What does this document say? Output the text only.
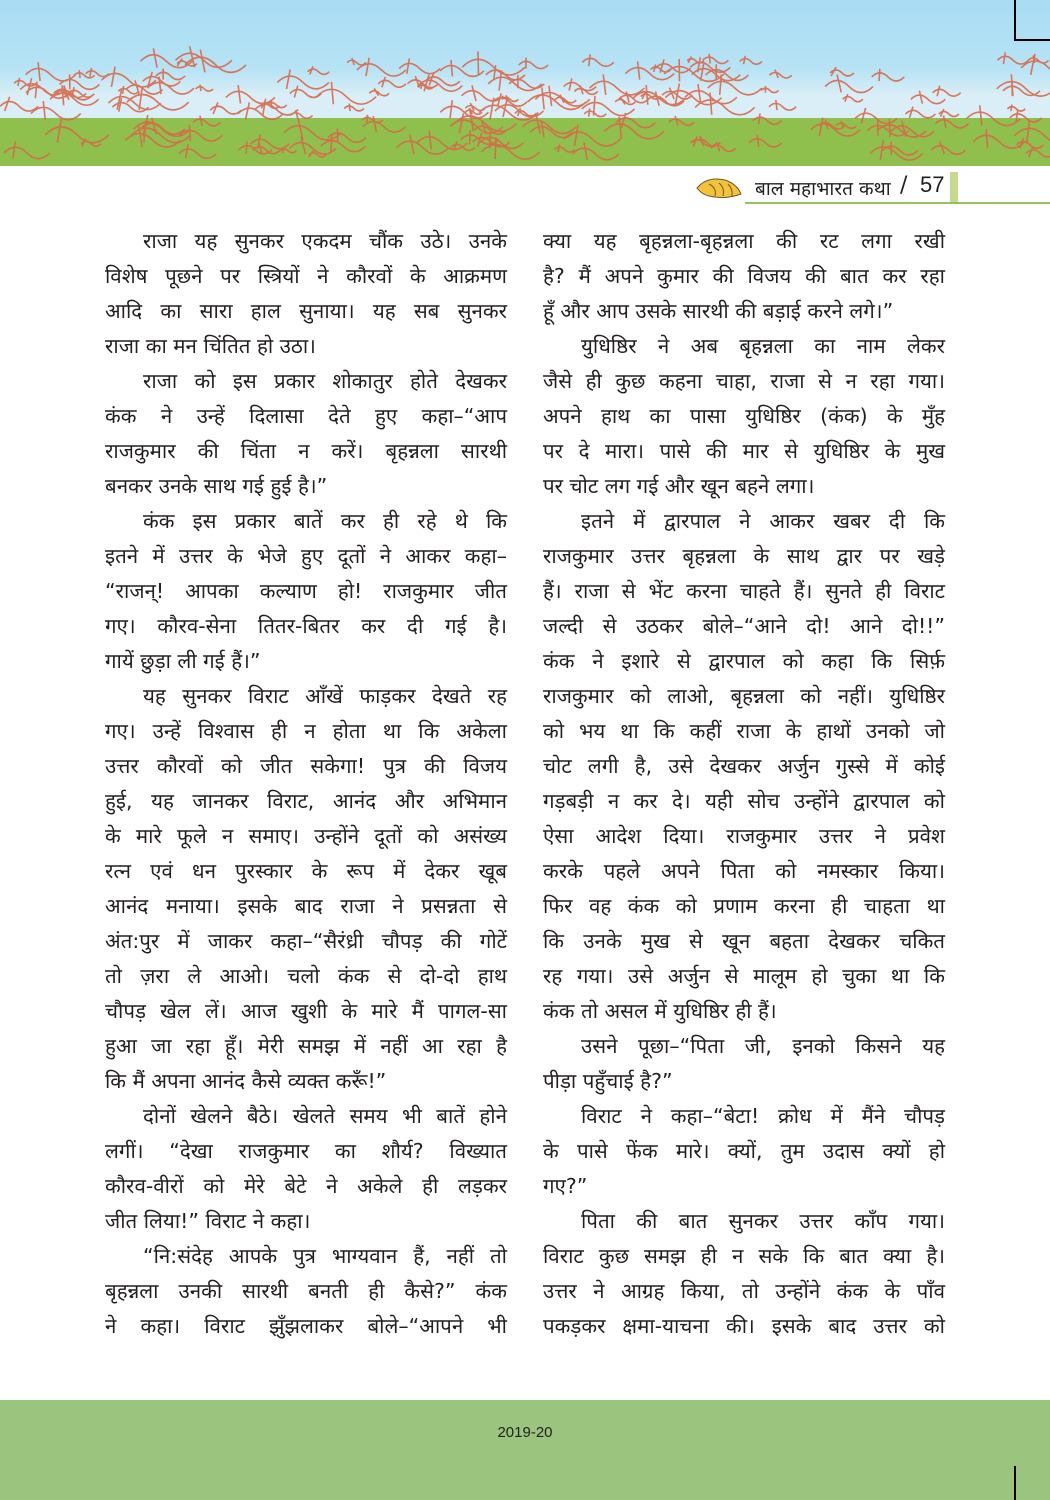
बाल महाभारत कथा / 57
राजा यह सुनकर एकदम चौंक उठे। उनके
विशेष पूछने पर स्त्रियों ने कौरवों के आक्रमण
आदि का सारा हाल सुनाया। यह सब सुनकर
राजा का मन चिंतित हो उठा।
राजा को इस प्रकार शोकातुर होते देखकर
कंक ने उन्हें दिलासा देते हुए कहा–“आप
राजकुमार की चिंता न करें। बृहन्नला सारथी
बनकर उनके साथ गई हुई है।”
कंक इस प्रकार बातें कर ही रहे थे कि
इतने में उत्तर के भेजे हुए दूतों ने आकर कहा–
“राजन्! आपका कल्याण हो! राजकुमार जीत
गए। कौरव-सेना तितर-बितर कर दी गई है।
गायें छुड़ा ली गई हैं।”
यह सुनकर विराट आँखें फाड़कर देखते रह
गए। उन्हें विश्वास ही न होता था कि अकेला
उत्तर कौरवों को जीत सकेगा! पुत्र की विजय
हुई, यह जानकर विराट, आनंद और अभिमान
के मारे फूले न समाए। उन्होंने दूतों को असंख्य
रत्न एवं धन पुरस्कार के रूप में देकर खूब
आनंद मनाया। इसके बाद राजा ने प्रसन्नता से
अंत:पुर में जाकर कहा–“सैरंध्री चौपड़ की गोटें
तो ज़रा ले आओ। चलो कंक से दो-दो हाथ
चौपड़ खेल लें। आज खुशी के मारे मैं पागल-सा
हुआ जा रहा हूँ। मेरी समझ में नहीं आ रहा है
कि मैं अपना आनंद कैसे व्यक्त करूँ!”
दोनों खेलने बैठे। खेलते समय भी बातें होने
लगीं। “देखा राजकुमार का शौर्य? विख्यात
कौरव-वीरों को मेरे बेटे ने अकेले ही लड़कर
जीत लिया!” विराट ने कहा।
“नि:संदेह आपके पुत्र भाग्यवान हैं, नहीं तो
बृहन्नला उनकी सारथी बनती ही कैसे?” कंक
ने कहा। विराट झुँझलाकर बोले–“आपने भी
क्या यह बृहन्नला-बृहन्नला की रट लगा रखी
है? मैं अपने कुमार की विजय की बात कर रहा
हूँ और आप उसके सारथी की बड़ाई करने लगे।”
युधिष्ठिर ने अब बृहन्नला का नाम लेकर
जैसे ही कुछ कहना चाहा, राजा से न रहा गया।
अपने हाथ का पासा युधिष्ठिर (कंक) के मुँह
पर दे मारा। पासे की मार से युधिष्ठिर के मुख
पर चोट लग गई और खून बहने लगा।
इतने में द्वारपाल ने आकर खबर दी कि
राजकुमार उत्तर बृहन्नला के साथ द्वार पर खड़े
हैं। राजा से भेंट करना चाहते हैं। सुनते ही विराट
जल्दी से उठकर बोले–“आने दो! आने दो!!”
कंक ने इशारे से द्वारपाल को कहा कि सिर्फ़
राजकुमार को लाओ, बृहन्नला को नहीं। युधिष्ठिर
को भय था कि कहीं राजा के हाथों उनको जो
चोट लगी है, उसे देखकर अर्जुन गुस्से में कोई
गड़बड़ी न कर दे। यही सोच उन्होंने द्वारपाल को
ऐसा आदेश दिया। राजकुमार उत्तर ने प्रवेश
करके पहले अपने पिता को नमस्कार किया।
फिर वह कंक को प्रणाम करना ही चाहता था
कि उनके मुख से खून बहता देखकर चकित
रह गया। उसे अर्जुन से मालूम हो चुका था कि
कंक तो असल में युधिष्ठिर ही हैं।
उसने पूछा–“पिता जी, इनको किसने यह
पीड़ा पहुँचाई है?”
विराट ने कहा–“बेटा! क्रोध में मैंने चौपड़
के पासे फेंक मारे। क्यों, तुम उदास क्यों हो
गए?”
पिता की बात सुनकर उत्तर काँप गया।
विराट कुछ समझ ही न सके कि बात क्या है।
उत्तर ने आग्रह किया, तो उन्होंने कंक के पाँव
पकड़कर क्षमा-याचना की। इसके बाद उत्तर को
2019-20
